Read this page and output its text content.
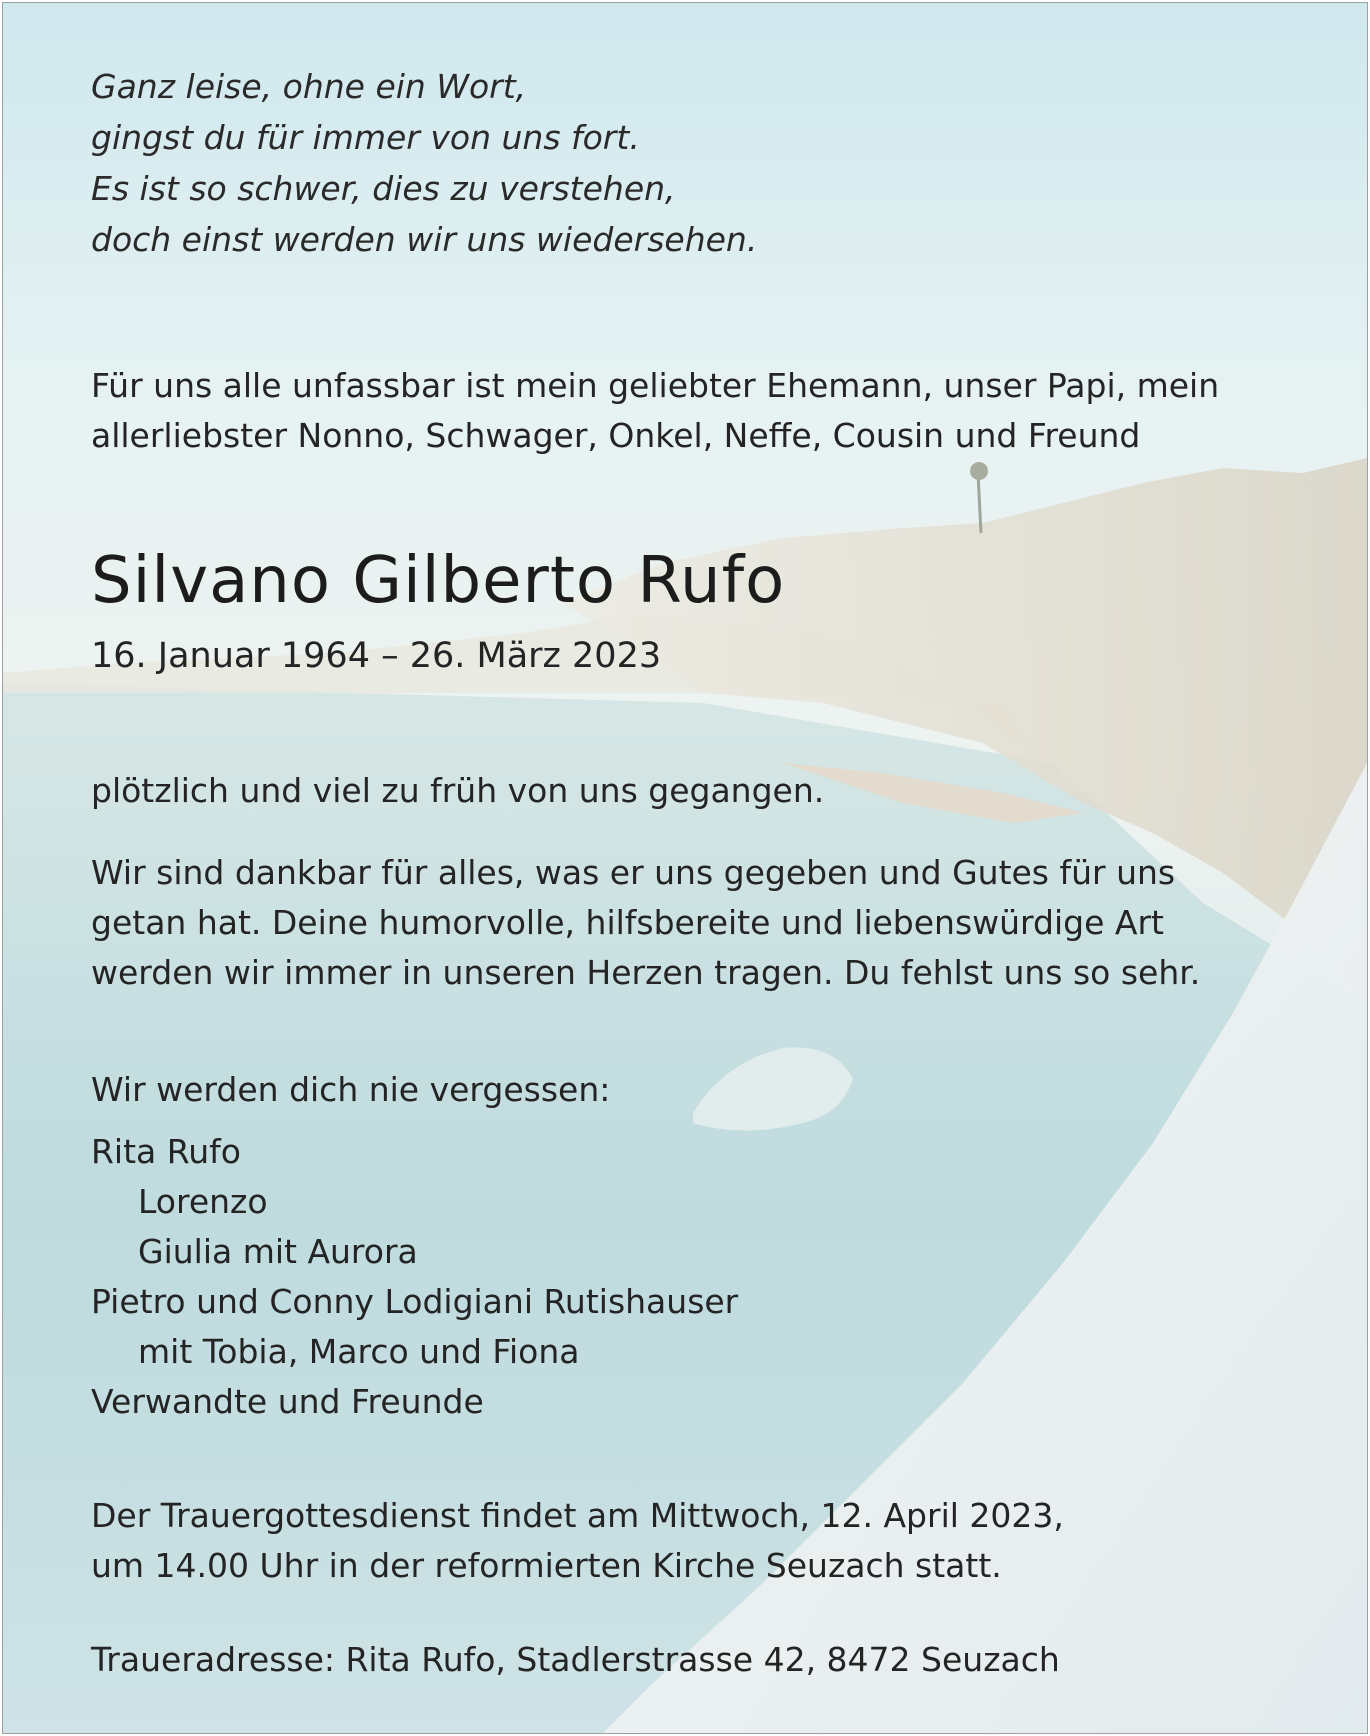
Ganz leise, ohne ein Wort,
gingst du für immer von uns fort.
Es ist so schwer, dies zu verstehen,
doch einst werden wir uns wiedersehen.
Für uns alle unfassbar ist mein geliebter Ehemann, unser Papi, mein
allerliebster Nonno, Schwager, Onkel, Neffe, Cousin und Freund
Silvano Gilberto Rufo
16. Januar 1964 – 26. März 2023
plötzlich und viel zu früh von uns gegangen.
Wir sind dankbar für alles, was er uns gegeben und Gutes für uns
getan hat. Deine humorvolle, hilfsbereite und liebenswürdige Art
werden wir immer in unseren Herzen tragen. Du fehlst uns so sehr.
Wir werden dich nie vergessen:
Rita Rufo
Lorenzo
Giulia mit Aurora
Pietro und Conny Lodigiani Rutishauser
mit Tobia, Marco und Fiona
Verwandte und Freunde
Der Trauergottesdienst findet am Mittwoch, 12. April 2023,
um 14.00 Uhr in der reformierten Kirche Seuzach statt.
Traueradresse: Rita Rufo, Stadlerstrasse 42, 8472 Seuzach
